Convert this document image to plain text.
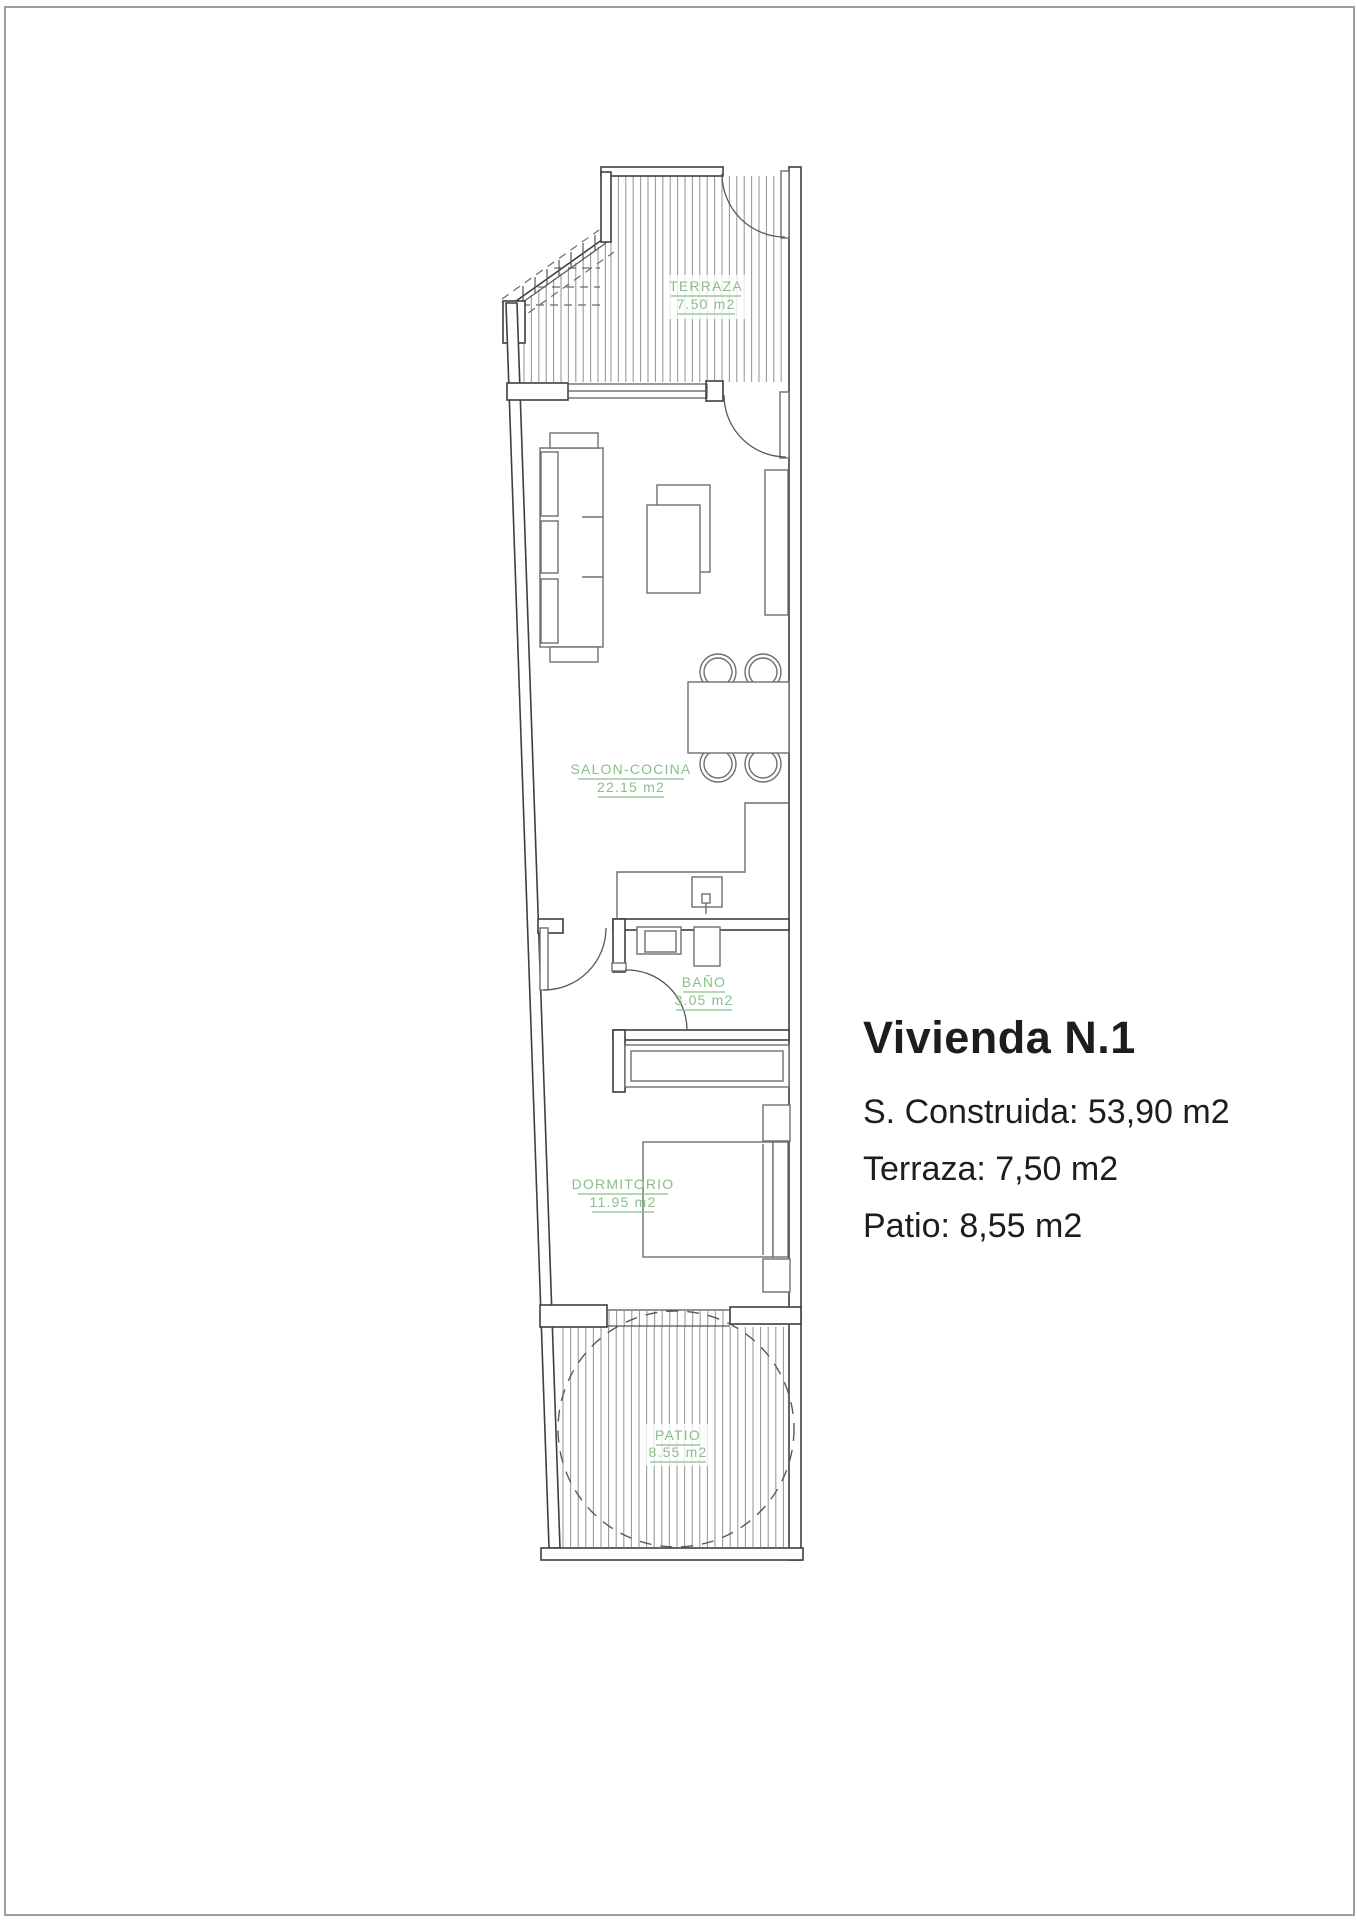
TERRAZA
7.50 m2
SALON-COCINA
22.15 m2
BAÑO
3.05 m2
DORMITORIO
11.95 m2
PATIO
8.55 m2
Vivienda N.1
S. Construida: 53,90 m2
Terraza: 7,50 m2
Patio: 8,55 m2
